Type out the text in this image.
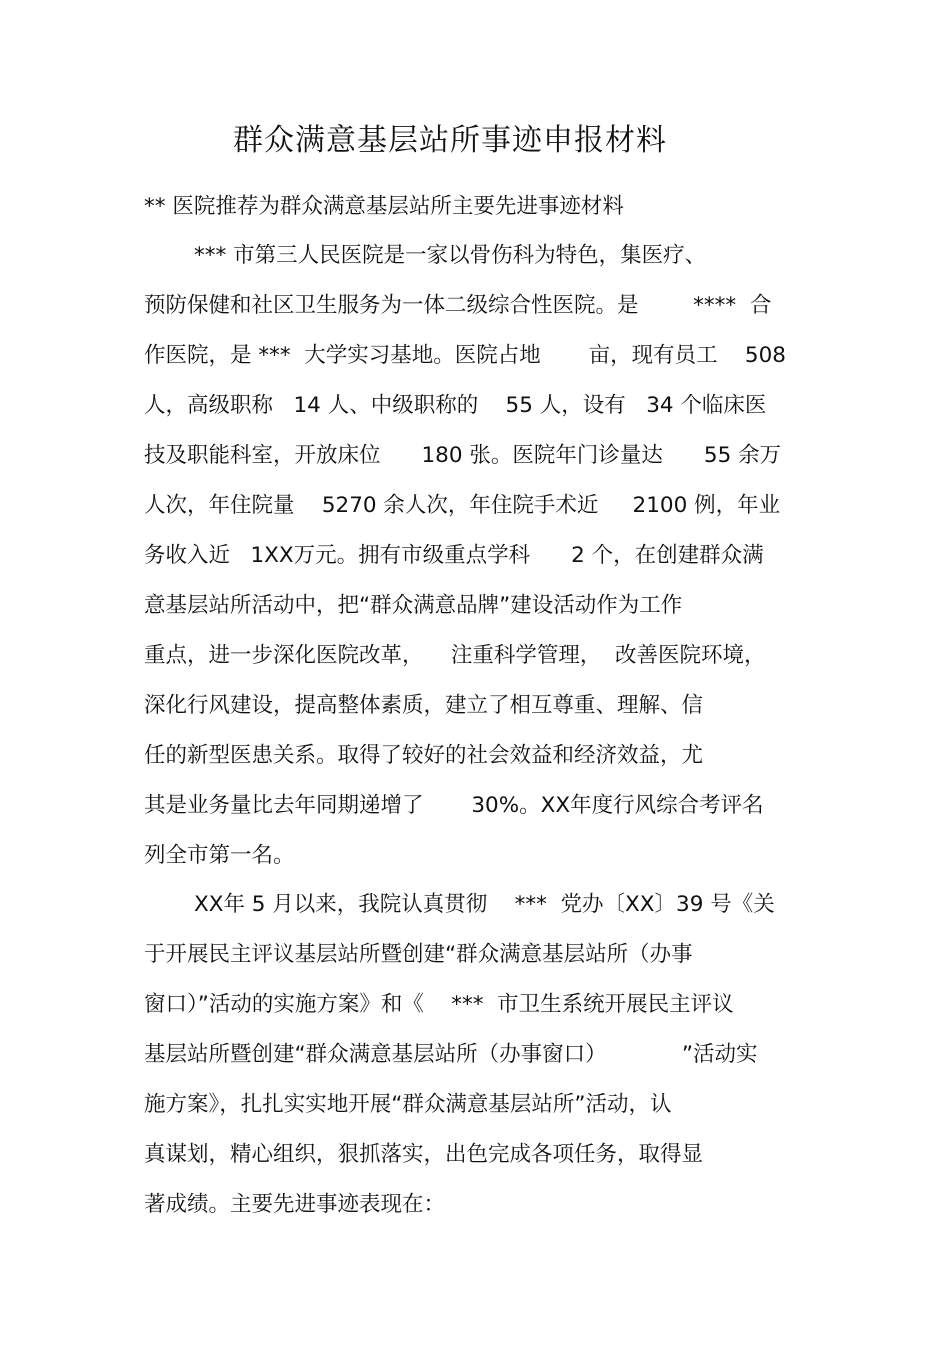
群众满意基层站所事迹申报材料
** 医院推荐为群众满意基层站所主要先进事迹材料
*** 市第三人民医院是一家以骨伤科为特色，集医疗、
预防保健和社区卫生服务为一体二级综合性医院。是        ****  合
作医院，是 ***  大学实习基地。医院占地       亩，现有员工    508
人，高级职称   14 人、中级职称的    55 人，设有   34 个临床医
技及职能科室，开放床位      180 张。医院年门诊量达      55 余万
人次，年住院量    5270 余人次，年住院手术近     2100 例，年业
务收入近   1XX万元。拥有市级重点学科      2 个，在创建群众满
意基层站所活动中，把“群众满意品牌”建设活动作为工作
重点，进一步深化医院改革，    注重科学管理，  改善医院环境，
深化行风建设，提高整体素质，建立了相互尊重、理解、信
任的新型医患关系。取得了较好的社会效益和经济效益，尤
其是业务量比去年同期递增了       30%。XX年度行风综合考评名
列全市第一名。
XX年 5 月以来，我院认真贯彻    ***  党办〔XX〕39 号《关
于开展民主评议基层站所暨创建“群众满意基层站所（办事
窗口）”活动的实施方案》和《    ***  市卫生系统开展民主评议
基层站所暨创建“群众满意基层站所（办事窗口）           ”活动实
施方案》，扎扎实实地开展“群众满意基层站所”活动，认
真谋划，精心组织，狠抓落实，出色完成各项任务，取得显
著成绩。主要先进事迹表现在：
